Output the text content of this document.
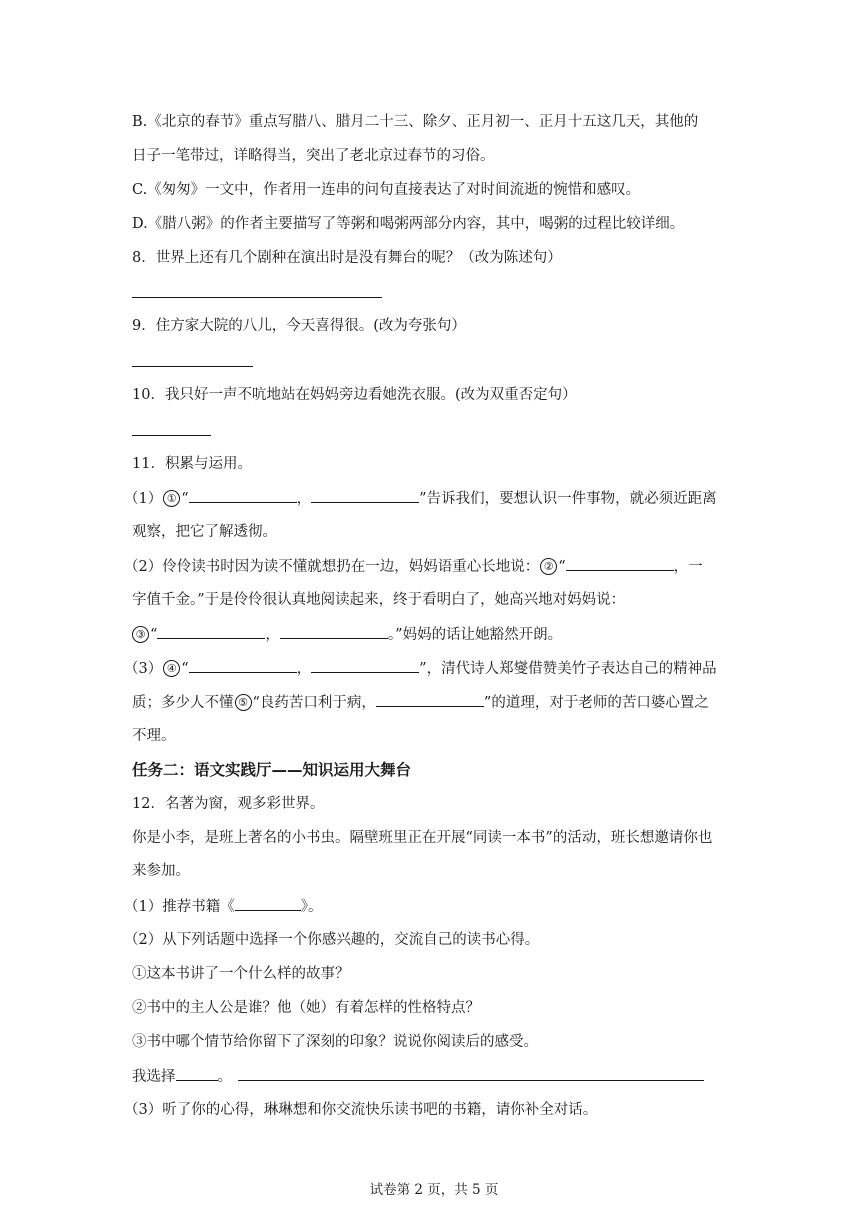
B.《北京的春节》重点写腊八、腊月二十三、除夕、正月初一、正月十五这几天，其他的
日子一笔带过，详略得当，突出了老北京过春节的习俗。
C.《匆匆》一文中，作者用一连串的问句直接表达了对时间流逝的惋惜和感叹。
D.《腊八粥》的作者主要描写了等粥和喝粥两部分内容，其中，喝粥的过程比较详细。
8．世界上还有几个剧种在演出时是没有舞台的呢？（改为陈述句）
9．住方家大院的八儿，今天喜得很。(改为夸张句）
10．我只好一声不吭地站在妈妈旁边看她洗衣服。(改为双重否定句）
11．积累与运用。
（1） ① “	，	”告诉我们，要想认识一件事物，就必须近距离
观察，把它了解透彻。
（2）伶伶读书时因为读不懂就想扔在一边，妈妈语重心长地说： ② “	，一
字值千金。”于是伶伶很认真地阅读起来，终于看明白了，她高兴地对妈妈说：
③ “	，	。”妈妈的话让她豁然开朗。
（3） ④ “	，	”，清代诗人郑燮借赞美竹子表达自己的精神品
质；多少人不懂 ⑤ “良药苦口利于病，	”的道理，对于老师的苦口婆心置之
不理。
任务二：语文实践厅——知识运用大舞台
12．名著为窗，观多彩世界。
你是小李，是班上著名的小书虫。隔壁班里正在开展“同读一本书”的活动，班长想邀请你也
来参加。
（1）推荐书籍《	》。
（2）从下列话题中选择一个你感兴趣的，交流自己的读书心得。
①这本书讲了一个什么样的故事？
②书中的主人公是谁？他（她）有着怎样的性格特点？
③书中哪个情节给你留下了深刻的印象？说说你阅读后的感受。
我选择	。
（3）听了你的心得，琳琳想和你交流快乐读书吧的书籍，请你补全对话。
试卷第 2 页，共 5 页
